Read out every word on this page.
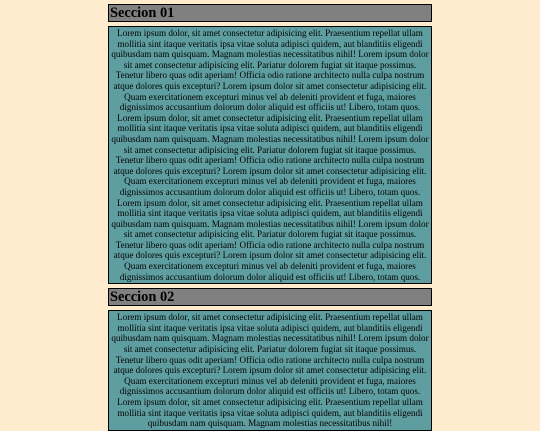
Seccion 01

Lorem ipsum dolor, sit amet consectetur adipisicing elit. Praesentium repellat ullam mollitia sint itaque veritatis ipsa vitae soluta adipisci quidem, aut blanditiis eligendi quibusdam nam quisquam. Magnam molestias necessitatibus nihil! Lorem ipsum dolor sit amet consectetur adipisicing elit. Pariatur dolorem fugiat sit itaque possimus. Tenetur libero quas odit aperiam! Officia odio ratione architecto nulla culpa nostrum atque dolores quis excepturi? Lorem ipsum dolor sit amet consectetur adipisicing elit. Quam exercitationem excepturi minus vel ab deleniti provident et fuga, maiores dignissimos accusantium dolorum dolor aliquid est officiis ut! Libero, totam quos. Lorem ipsum dolor, sit amet consectetur adipisicing elit. Praesentium repellat ullam mollitia sint itaque veritatis ipsa vitae soluta adipisci quidem, aut blanditiis eligendi quibusdam nam quisquam. Magnam molestias necessitatibus nihil! Lorem ipsum dolor sit amet consectetur adipisicing elit. Pariatur dolorem fugiat sit itaque possimus. Tenetur libero quas odit aperiam! Officia odio ratione architecto nulla culpa nostrum atque dolores quis excepturi? Lorem ipsum dolor sit amet consectetur adipisicing elit. Quam exercitationem excepturi minus vel ab deleniti provident et fuga, maiores dignissimos accusantium dolorum dolor aliquid est officiis ut! Libero, totam quos. Lorem ipsum dolor, sit amet consectetur adipisicing elit. Praesentium repellat ullam mollitia sint itaque veritatis ipsa vitae soluta adipisci quidem, aut blanditiis eligendi quibusdam nam quisquam. Magnam molestias necessitatibus nihil! Lorem ipsum dolor sit amet consectetur adipisicing elit. Pariatur dolorem fugiat sit itaque possimus. Tenetur libero quas odit aperiam! Officia odio ratione architecto nulla culpa nostrum atque dolores quis excepturi? Lorem ipsum dolor sit amet consectetur adipisicing elit. Quam exercitationem excepturi minus vel ab deleniti provident et fuga, maiores dignissimos accusantium dolorum dolor aliquid est officiis ut! Libero, totam quos.

Seccion 02

Lorem ipsum dolor, sit amet consectetur adipisicing elit. Praesentium repellat ullam mollitia sint itaque veritatis ipsa vitae soluta adipisci quidem, aut blanditiis eligendi quibusdam nam quisquam. Magnam molestias necessitatibus nihil! Lorem ipsum dolor sit amet consectetur adipisicing elit. Pariatur dolorem fugiat sit itaque possimus. Tenetur libero quas odit aperiam! Officia odio ratione architecto nulla culpa nostrum atque dolores quis excepturi? Lorem ipsum dolor sit amet consectetur adipisicing elit. Quam exercitationem excepturi minus vel ab deleniti provident et fuga, maiores dignissimos accusantium dolorum dolor aliquid est officiis ut! Libero, totam quos. Lorem ipsum dolor, sit amet consectetur adipisicing elit. Praesentium repellat ullam mollitia sint itaque veritatis ipsa vitae soluta adipisci quidem, aut blanditiis eligendi quibusdam nam quisquam. Magnam molestias necessitatibus nihil!
